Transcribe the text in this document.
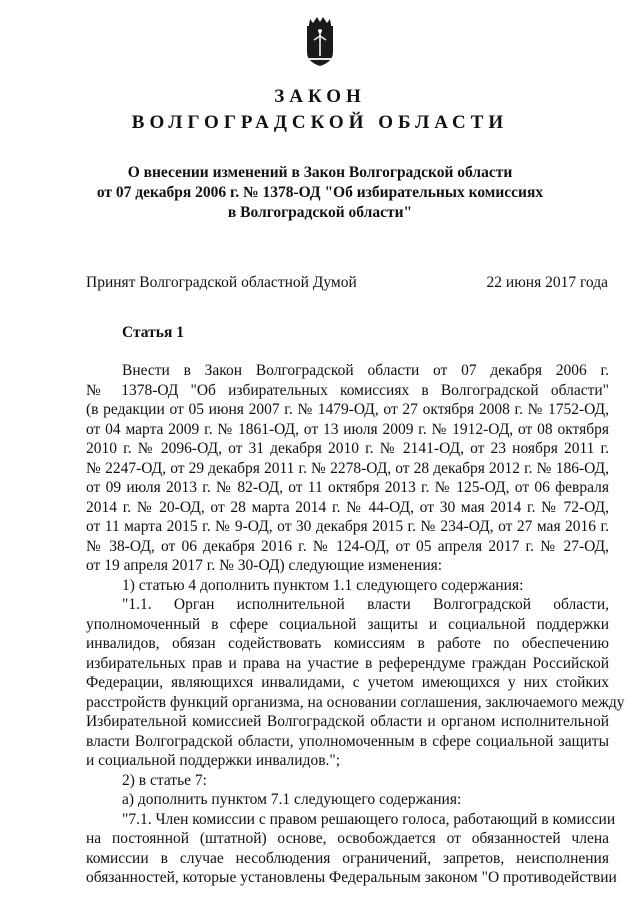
ЗАКОН
ВОЛГОГРАДСКОЙ ОБЛАСТИ
О внесении изменений в Закон Волгоградской области
от 07 декабря 2006 г. № 1378-ОД "Об избирательных комиссиях
в Волгоградской области"
Принят Волгоградской областной Думой	22 июня 2017 года
Статья 1
Внести в Закон Волгоградской области от 07 декабря 2006 г.
№ 1378-ОД "Об избирательных комиссиях в Волгоградской области"
(в редакции от 05 июня 2007 г. № 1479-ОД, от 27 октября 2008 г. № 1752-ОД,
от 04 марта 2009 г. № 1861-ОД, от 13 июля 2009 г. № 1912-ОД, от 08 октября
2010 г. № 2096-ОД, от 31 декабря 2010 г. № 2141-ОД, от 23 ноября 2011 г.
№ 2247-ОД, от 29 декабря 2011 г. № 2278-ОД, от 28 декабря 2012 г. № 186-ОД,
от 09 июля 2013 г. № 82-ОД, от 11 октября 2013 г. № 125-ОД, от 06 февраля
2014 г. № 20-ОД, от 28 марта 2014 г. № 44-ОД, от 30 мая 2014 г. № 72-ОД,
от 11 марта 2015 г. № 9-ОД, от 30 декабря 2015 г. № 234-ОД, от 27 мая 2016 г.
№ 38-ОД, от 06 декабря 2016 г. № 124-ОД, от 05 апреля 2017 г. № 27-ОД,
от 19 апреля 2017 г. № 30-ОД) следующие изменения:
1) статью 4 дополнить пунктом 1.1 следующего содержания:
"1.1. Орган исполнительной власти Волгоградской области,
уполномоченный в сфере социальной защиты и социальной поддержки
инвалидов, обязан содействовать комиссиям в работе по обеспечению
избирательных прав и права на участие в референдуме граждан Российской
Федерации, являющихся инвалидами, с учетом имеющихся у них стойких
расстройств функций организма, на основании соглашения, заключаемого между
Избирательной комиссией Волгоградской области и органом исполнительной
власти Волгоградской области, уполномоченным в сфере социальной защиты
и социальной поддержки инвалидов.";
2) в статье 7:
а) дополнить пунктом 7.1 следующего содержания:
"7.1. Член комиссии с правом решающего голоса, работающий в комиссии
на постоянной (штатной) основе, освобождается от обязанностей члена
комиссии в случае несоблюдения ограничений, запретов, неисполнения
обязанностей, которые установлены Федеральным законом "О противодействии
